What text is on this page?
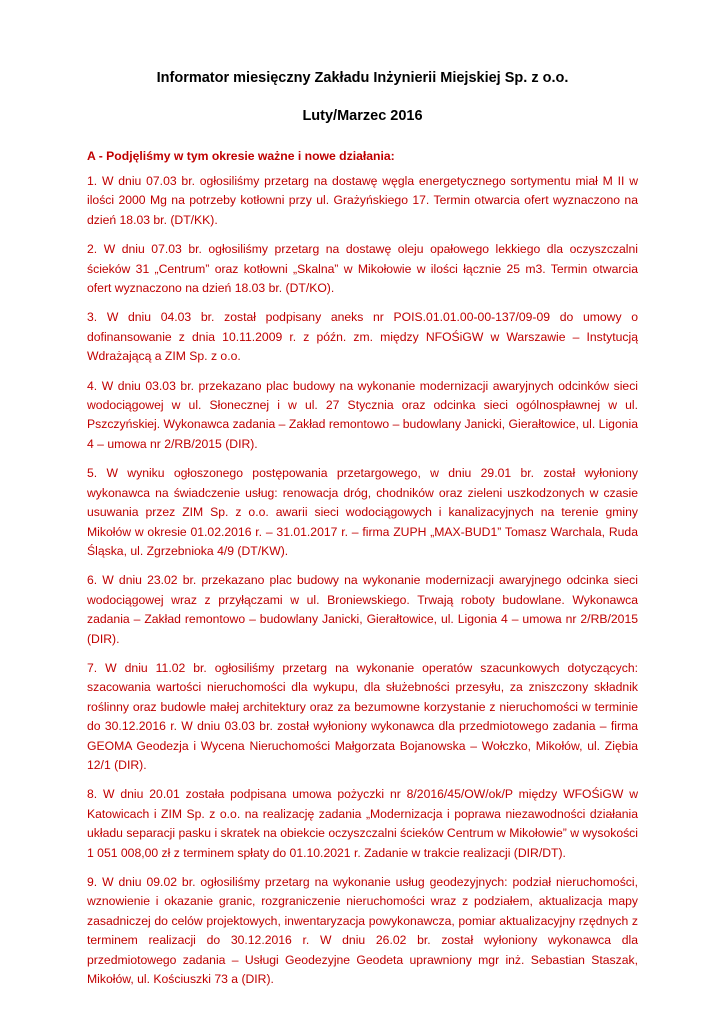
Informator miesięczny Zakładu Inżynierii Miejskiej Sp. z o.o.
Luty/Marzec 2016

A - Podjęliśmy w tym okresie ważne i nowe działania:

1. W dniu 07.03 br. ogłosiliśmy przetarg na dostawę węgla energetycznego sortymentu miał M II w ilości 2000 Mg na potrzeby kotłowni przy ul. Grażyńskiego 17. Termin otwarcia ofert wyznaczono na dzień 18.03 br. (DT/KK).

2. W dniu 07.03 br. ogłosiliśmy przetarg na dostawę oleju opałowego lekkiego dla oczyszczalni ścieków 31 „Centrum” oraz kotłowni „Skalna” w Mikołowie w ilości łącznie 25 m3. Termin otwarcia ofert wyznaczono na dzień 18.03 br. (DT/KO).

3. W dniu 04.03 br. został podpisany aneks nr POIS.01.01.00-00-137/09-09 do umowy o dofinansowanie z dnia 10.11.2009 r. z późn. zm. między NFOŚiGW w Warszawie – Instytucją Wdrażającą a ZIM Sp. z o.o.

4. W dniu 03.03 br. przekazano plac budowy na wykonanie modernizacji awaryjnych odcinków sieci wodociągowej w ul. Słonecznej i w ul. 27 Stycznia oraz odcinka sieci ogólnospławnej w ul. Pszczyńskiej. Wykonawca zadania – Zakład remontowo – budowlany Janicki, Gierałtowice, ul. Ligonia 4 – umowa nr 2/RB/2015 (DIR).

5. W wyniku ogłoszonego postępowania przetargowego, w dniu 29.01 br. został wyłoniony wykonawca na świadczenie usług: renowacja dróg, chodników oraz zieleni uszkodzonych w czasie usuwania przez ZIM Sp. z o.o. awarii sieci wodociągowych i kanalizacyjnych na terenie gminy Mikołów w okresie 01.02.2016 r. – 31.01.2017 r. – firma ZUPH „MAX-BUD1” Tomasz Warchala, Ruda Śląska, ul. Zgrzebnioka 4/9 (DT/KW).

6. W dniu 23.02 br. przekazano plac budowy na wykonanie modernizacji awaryjnego odcinka sieci wodociągowej wraz z przyłączami w ul. Broniewskiego. Trwają roboty budowlane. Wykonawca zadania – Zakład remontowo – budowlany Janicki, Gierałtowice, ul. Ligonia 4 – umowa nr 2/RB/2015 (DIR).

7. W dniu 11.02 br. ogłosiliśmy przetarg na wykonanie operatów szacunkowych dotyczących: szacowania wartości nieruchomości dla wykupu, dla służebności przesyłu, za zniszczony składnik roślinny oraz budowle małej architektury oraz za bezumowne korzystanie z nieruchomości w terminie do 30.12.2016 r. W dniu 03.03 br. został wyłoniony wykonawca dla przedmiotowego zadania – firma GEOMA Geodezja i Wycena Nieruchomości Małgorzata Bojanowska – Wołczko, Mikołów, ul. Ziębia 12/1 (DIR).

8. W dniu 20.01 została podpisana umowa pożyczki nr 8/2016/45/OW/ok/P między WFOŚiGW w Katowicach i ZIM Sp. z o.o. na realizację zadania „Modernizacja i poprawa niezawodności działania układu separacji pasku i skratek na obiekcie oczyszczalni ścieków Centrum w Mikołowie” w wysokości 1 051 008,00 zł z terminem spłaty do 01.10.2021 r. Zadanie w trakcie realizacji (DIR/DT).

9. W dniu 09.02 br. ogłosiliśmy przetarg na wykonanie usług geodezyjnych: podział nieruchomości, wznowienie i okazanie granic, rozgraniczenie nieruchomości wraz z podziałem, aktualizacja mapy zasadniczej do celów projektowych, inwentaryzacja powykonawcza, pomiar aktualizacyjny rzędnych z terminem realizacji do 30.12.2016 r. W dniu 26.02 br. został wyłoniony wykonawca dla przedmiotowego zadania – Usługi Geodezyjne Geodeta uprawniony mgr inż. Sebastian Staszak, Mikołów, ul. Kościuszki 73 a (DIR).
